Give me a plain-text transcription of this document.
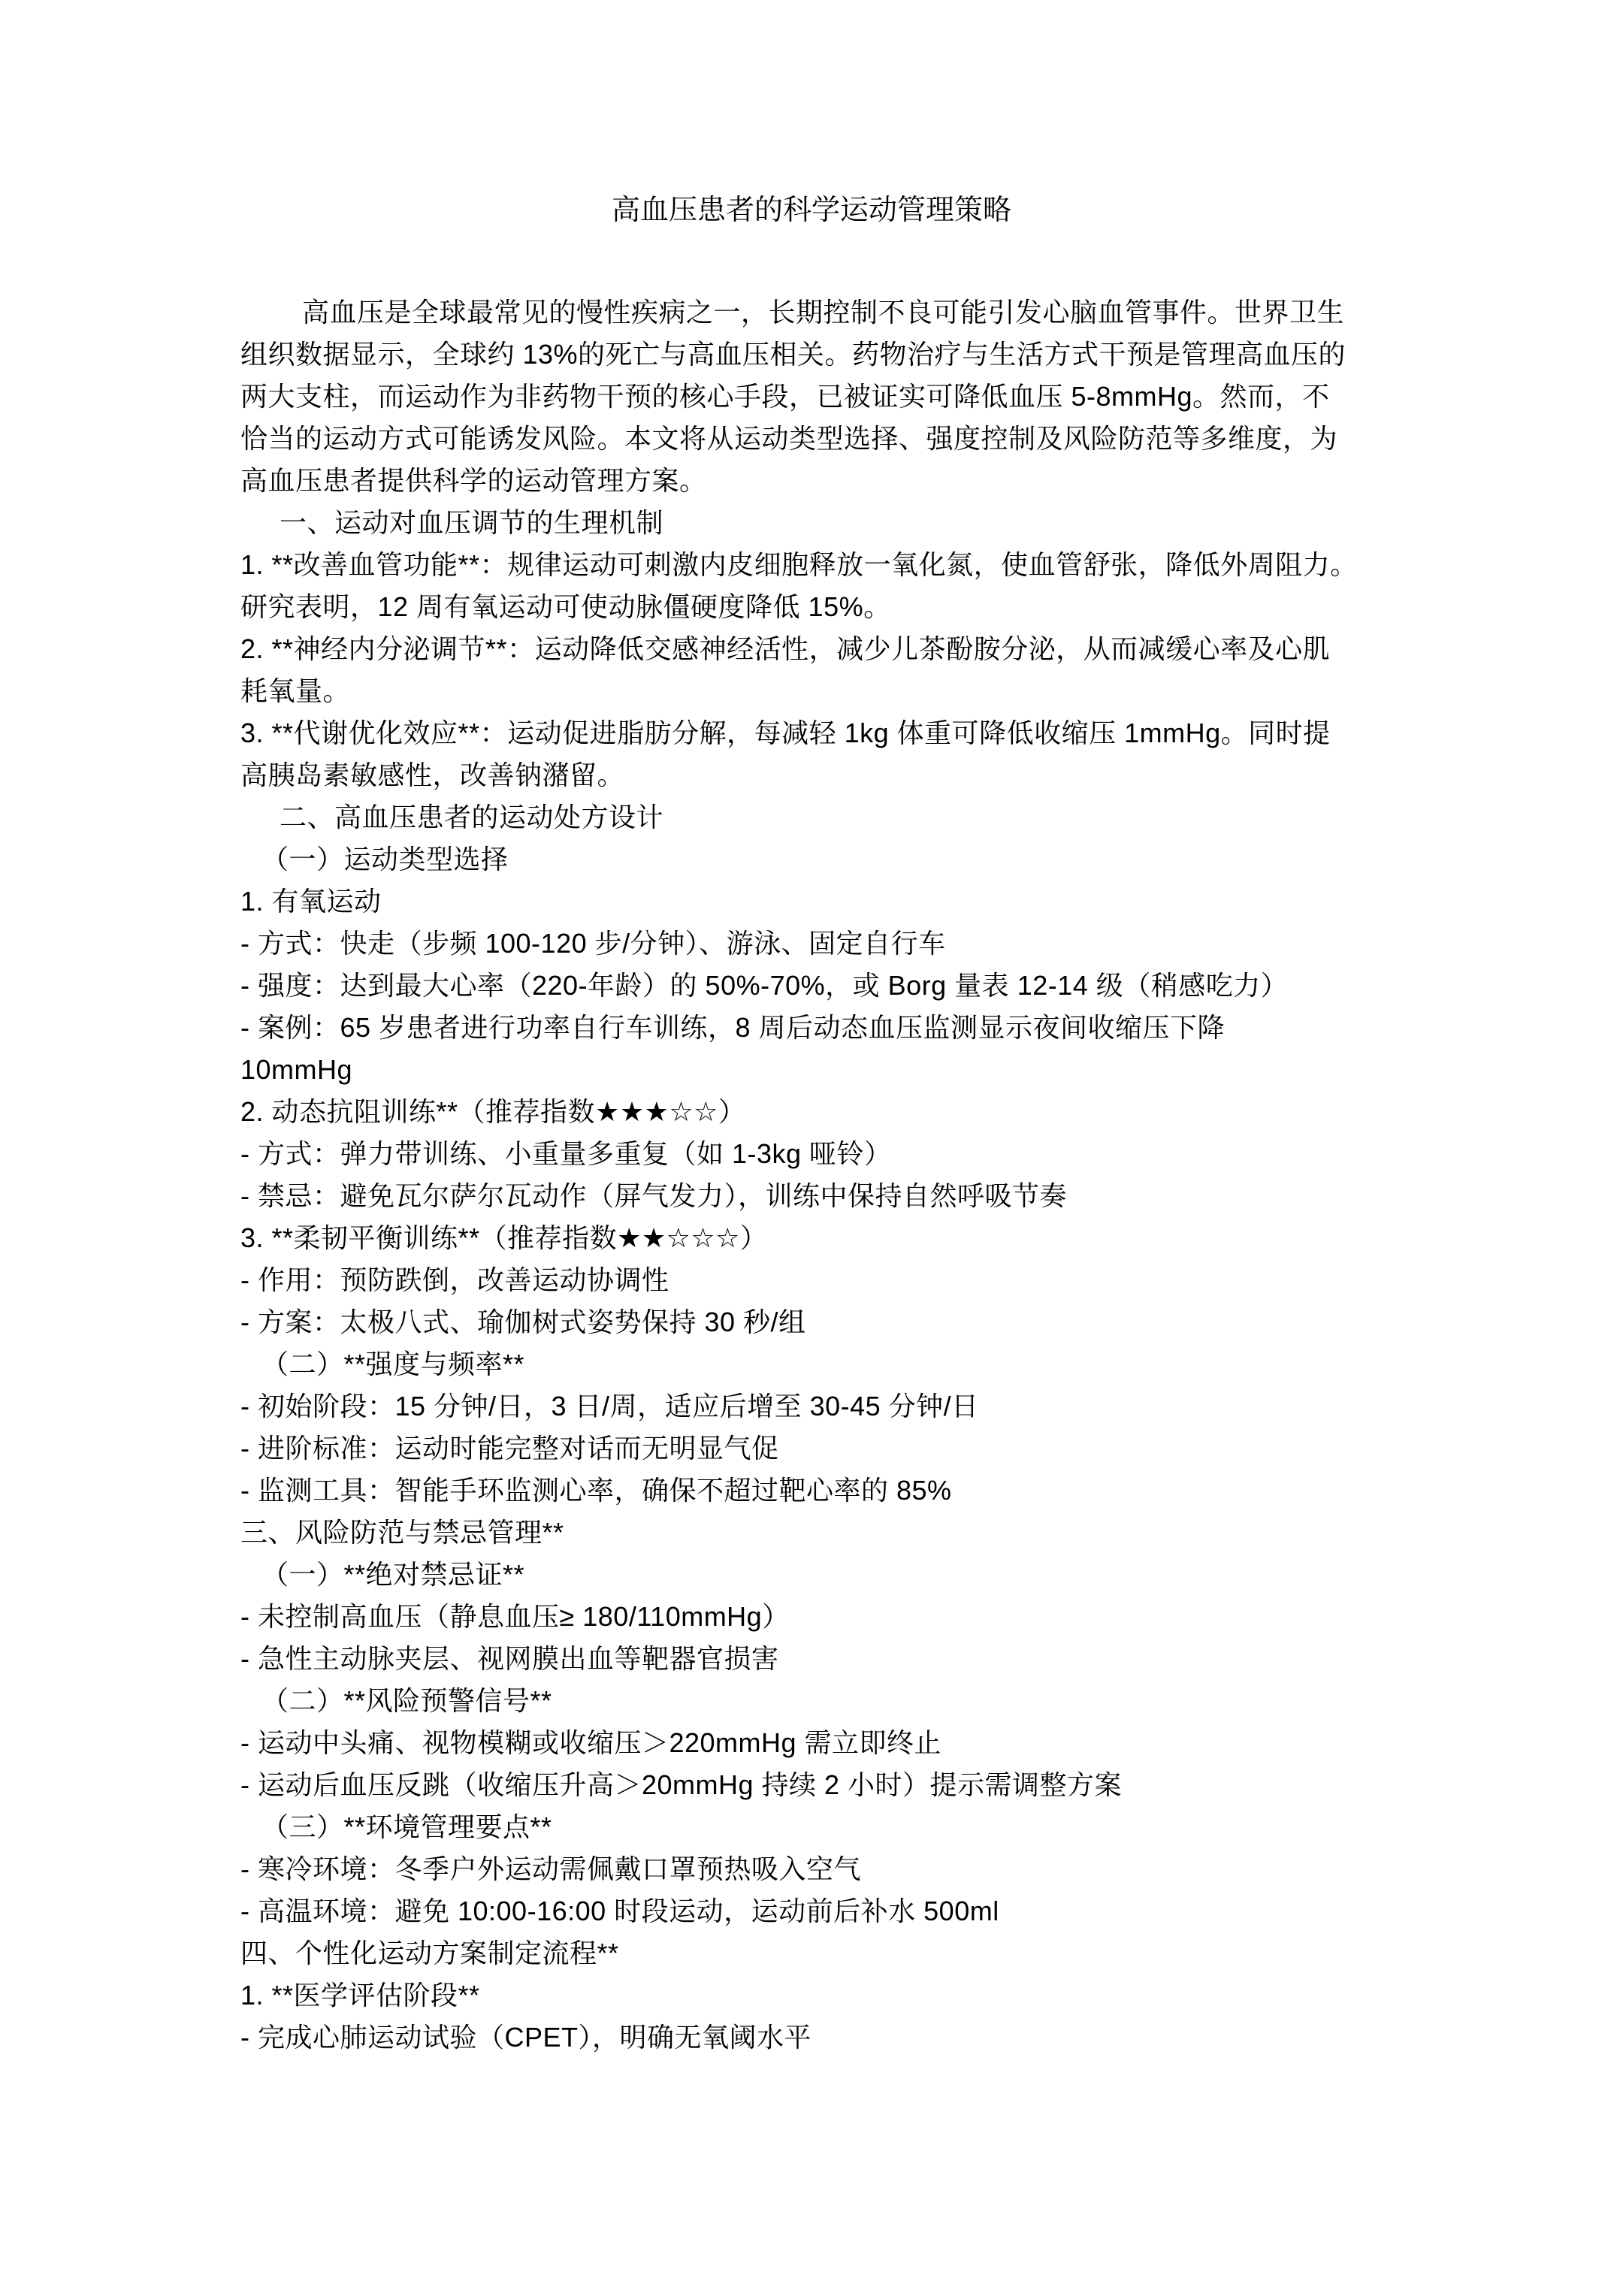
高血压患者的科学运动管理策略
高血压是全球最常见的慢性疾病之一，长期控制不良可能引发心脑血管事件。世界卫生
组织数据显示，全球约 13%的死亡与高血压相关。药物治疗与生活方式干预是管理高血压的
两大支柱，而运动作为非药物干预的核心手段，已被证实可降低血压 5-8mmHg。然而，不
恰当的运动方式可能诱发风险。本文将从运动类型选择、强度控制及风险防范等多维度，为
高血压患者提供科学的运动管理方案。
一、运动对血压调节的生理机制
1. **改善血管功能**：规律运动可刺激内皮细胞释放一氧化氮，使血管舒张，降低外周阻力。
研究表明，12 周有氧运动可使动脉僵硬度降低 15%。
2. **神经内分泌调节**：运动降低交感神经活性，减少儿茶酚胺分泌，从而减缓心率及心肌
耗氧量。
3. **代谢优化效应**：运动促进脂肪分解，每减轻 1kg 体重可降低收缩压 1mmHg。同时提
高胰岛素敏感性，改善钠潴留。
二、高血压患者的运动处方设计
（一）运动类型选择
1. 有氧运动
- 方式：快走（步频 100-120 步/分钟）、游泳、固定自行车
- 强度：达到最大心率（220-年龄）的 50%-70%，或 Borg 量表 12-14 级（稍感吃力）
- 案例：65 岁患者进行功率自行车训练，8 周后动态血压监测显示夜间收缩压下降
10mmHg
2. 动态抗阻训练**（推荐指数★★★☆☆）
- 方式：弹力带训练、小重量多重复（如 1-3kg 哑铃）
- 禁忌：避免瓦尔萨尔瓦动作（屏气发力），训练中保持自然呼吸节奏
3. **柔韧平衡训练**（推荐指数★★☆☆☆）
- 作用：预防跌倒，改善运动协调性
- 方案：太极八式、瑜伽树式姿势保持 30 秒/组
（二）**强度与频率**
- 初始阶段：15 分钟/日，3 日/周，适应后增至 30-45 分钟/日
- 进阶标准：运动时能完整对话而无明显气促
- 监测工具：智能手环监测心率，确保不超过靶心率的 85%
三、风险防范与禁忌管理**
（一）**绝对禁忌证**
- 未控制高血压（静息血压≥ 180/110mmHg）
- 急性主动脉夹层、视网膜出血等靶器官损害
（二）**风险预警信号**
- 运动中头痛、视物模糊或收缩压＞220mmHg 需立即终止
- 运动后血压反跳（收缩压升高＞20mmHg 持续 2 小时）提示需调整方案
（三）**环境管理要点**
- 寒冷环境：冬季户外运动需佩戴口罩预热吸入空气
- 高温环境：避免 10:00-16:00 时段运动，运动前后补水 500ml
四、个性化运动方案制定流程**
1. **医学评估阶段**
- 完成心肺运动试验（CPET），明确无氧阈水平
